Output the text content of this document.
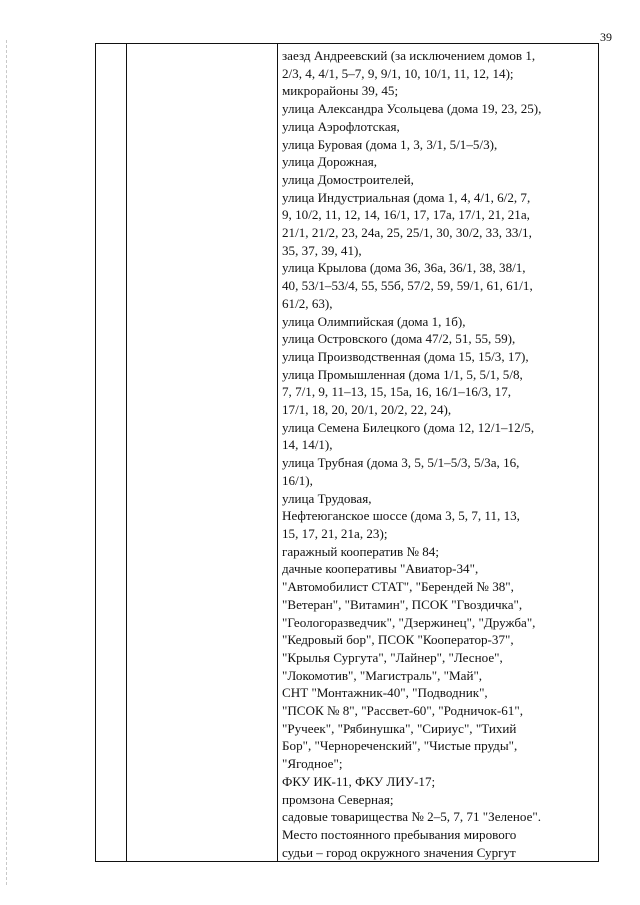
39

заезд Андреевский (за исключением домов 1,
2/3, 4, 4/1, 5–7, 9, 9/1, 10, 10/1, 11, 12, 14);
микрорайоны 39, 45;
улица Александра Усольцева (дома 19, 23, 25),
улица Аэрофлотская,
улица Буровая (дома 1, 3, 3/1, 5/1–5/3),
улица Дорожная,
улица Домостроителей,
улица Индустриальная (дома 1, 4, 4/1, 6/2, 7,
9, 10/2, 11, 12, 14, 16/1, 17, 17а, 17/1, 21, 21а,
21/1, 21/2, 23, 24а, 25, 25/1, 30, 30/2, 33, 33/1,
35, 37, 39, 41),
улица Крылова (дома 36, 36а, 36/1, 38, 38/1,
40, 53/1–53/4, 55, 55б, 57/2, 59, 59/1, 61, 61/1,
61/2, 63),
улица Олимпийская (дома 1, 1б),
улица Островского (дома 47/2, 51, 55, 59),
улица Производственная (дома 15, 15/3, 17),
улица Промышленная (дома 1/1, 5, 5/1, 5/8,
7, 7/1, 9, 11–13, 15, 15а, 16, 16/1–16/3, 17,
17/1, 18, 20, 20/1, 20/2, 22, 24),
улица Семена Билецкого (дома 12, 12/1–12/5,
14, 14/1),
улица Трубная (дома 3, 5, 5/1–5/3, 5/3а, 16,
16/1),
улица Трудовая,
Нефтеюганское шоссе (дома 3, 5, 7, 11, 13,
15, 17, 21, 21а, 23);
гаражный кооператив № 84;
дачные кооперативы "Авиатор-34",
"Автомобилист СТАТ", "Берендей № 38",
"Ветеран", "Витамин", ПСОК "Гвоздичка",
"Геологоразведчик", "Дзержинец", "Дружба",
"Кедровый бор", ПСОК "Кооператор-37",
"Крылья Сургута", "Лайнер", "Лесное",
"Локомотив", "Магистраль", "Май",
СНТ "Монтажник-40", "Подводник",
"ПСОК № 8", "Рассвет-60", "Родничок-61",
"Ручеек", "Рябинушка", "Сириус", "Тихий
Бор", "Чернореченский", "Чистые пруды",
"Ягодное";
ФКУ ИК-11, ФКУ ЛИУ-17;
промзона Северная;
садовые товарищества № 2–5, 7, 71 "Зеленое".
Место постоянного пребывания мирового
судьи – город окружного значения Сургут
